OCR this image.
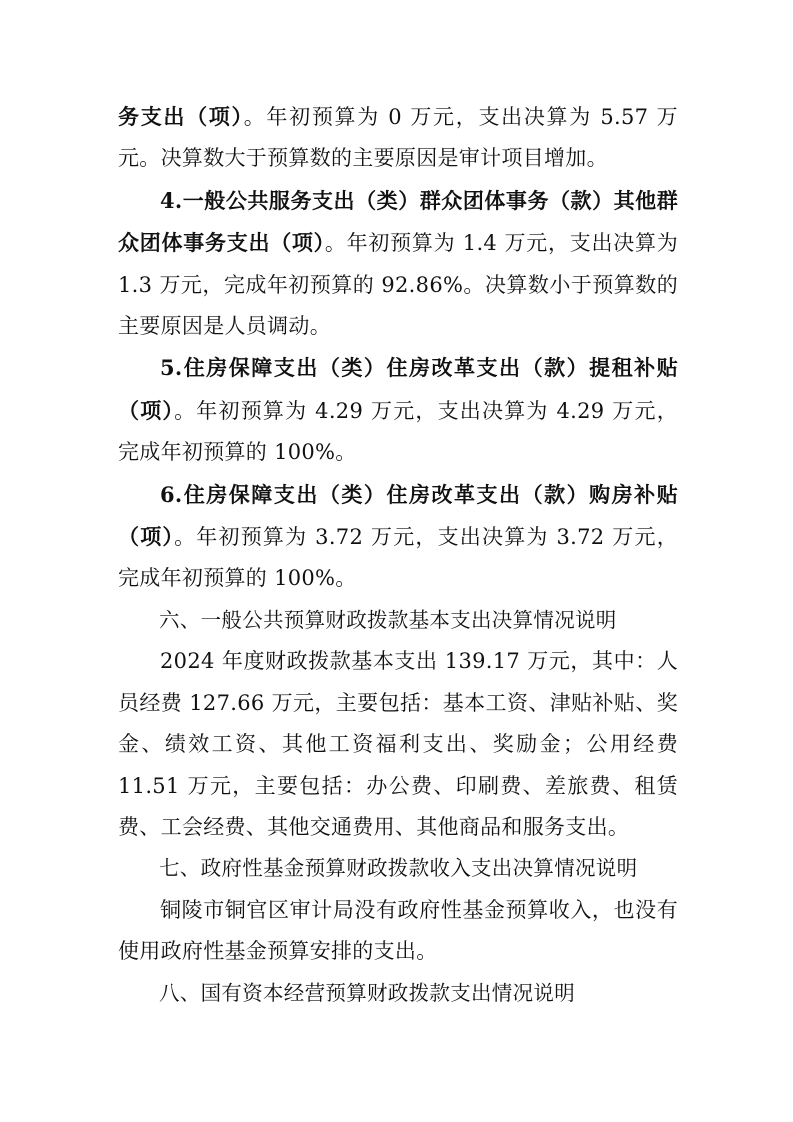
务支出（项）。年初预算为 0 万元，支出决算为 5.57 万元。决算数大于预算数的主要原因是审计项目增加。

4.一般公共服务支出（类）群众团体事务（款）其他群众团体事务支出（项）。年初预算为 1.4 万元，支出决算为 1.3 万元，完成年初预算的 92.86%。决算数小于预算数的主要原因是人员调动。

5.住房保障支出（类）住房改革支出（款）提租补贴（项）。年初预算为 4.29 万元，支出决算为 4.29 万元，完成年初预算的 100%。

6.住房保障支出（类）住房改革支出（款）购房补贴（项）。年初预算为 3.72 万元，支出决算为 3.72 万元，完成年初预算的 100%。

六、一般公共预算财政拨款基本支出决算情况说明

2024 年度财政拨款基本支出 139.17 万元，其中：人员经费 127.66 万元，主要包括：基本工资、津贴补贴、奖金、绩效工资、其他工资福利支出、奖励金；公用经费 11.51 万元，主要包括：办公费、印刷费、差旅费、租赁费、工会经费、其他交通费用、其他商品和服务支出。

七、政府性基金预算财政拨款收入支出决算情况说明

铜陵市铜官区审计局没有政府性基金预算收入，也没有使用政府性基金预算安排的支出。

八、国有资本经营预算财政拨款支出情况说明
